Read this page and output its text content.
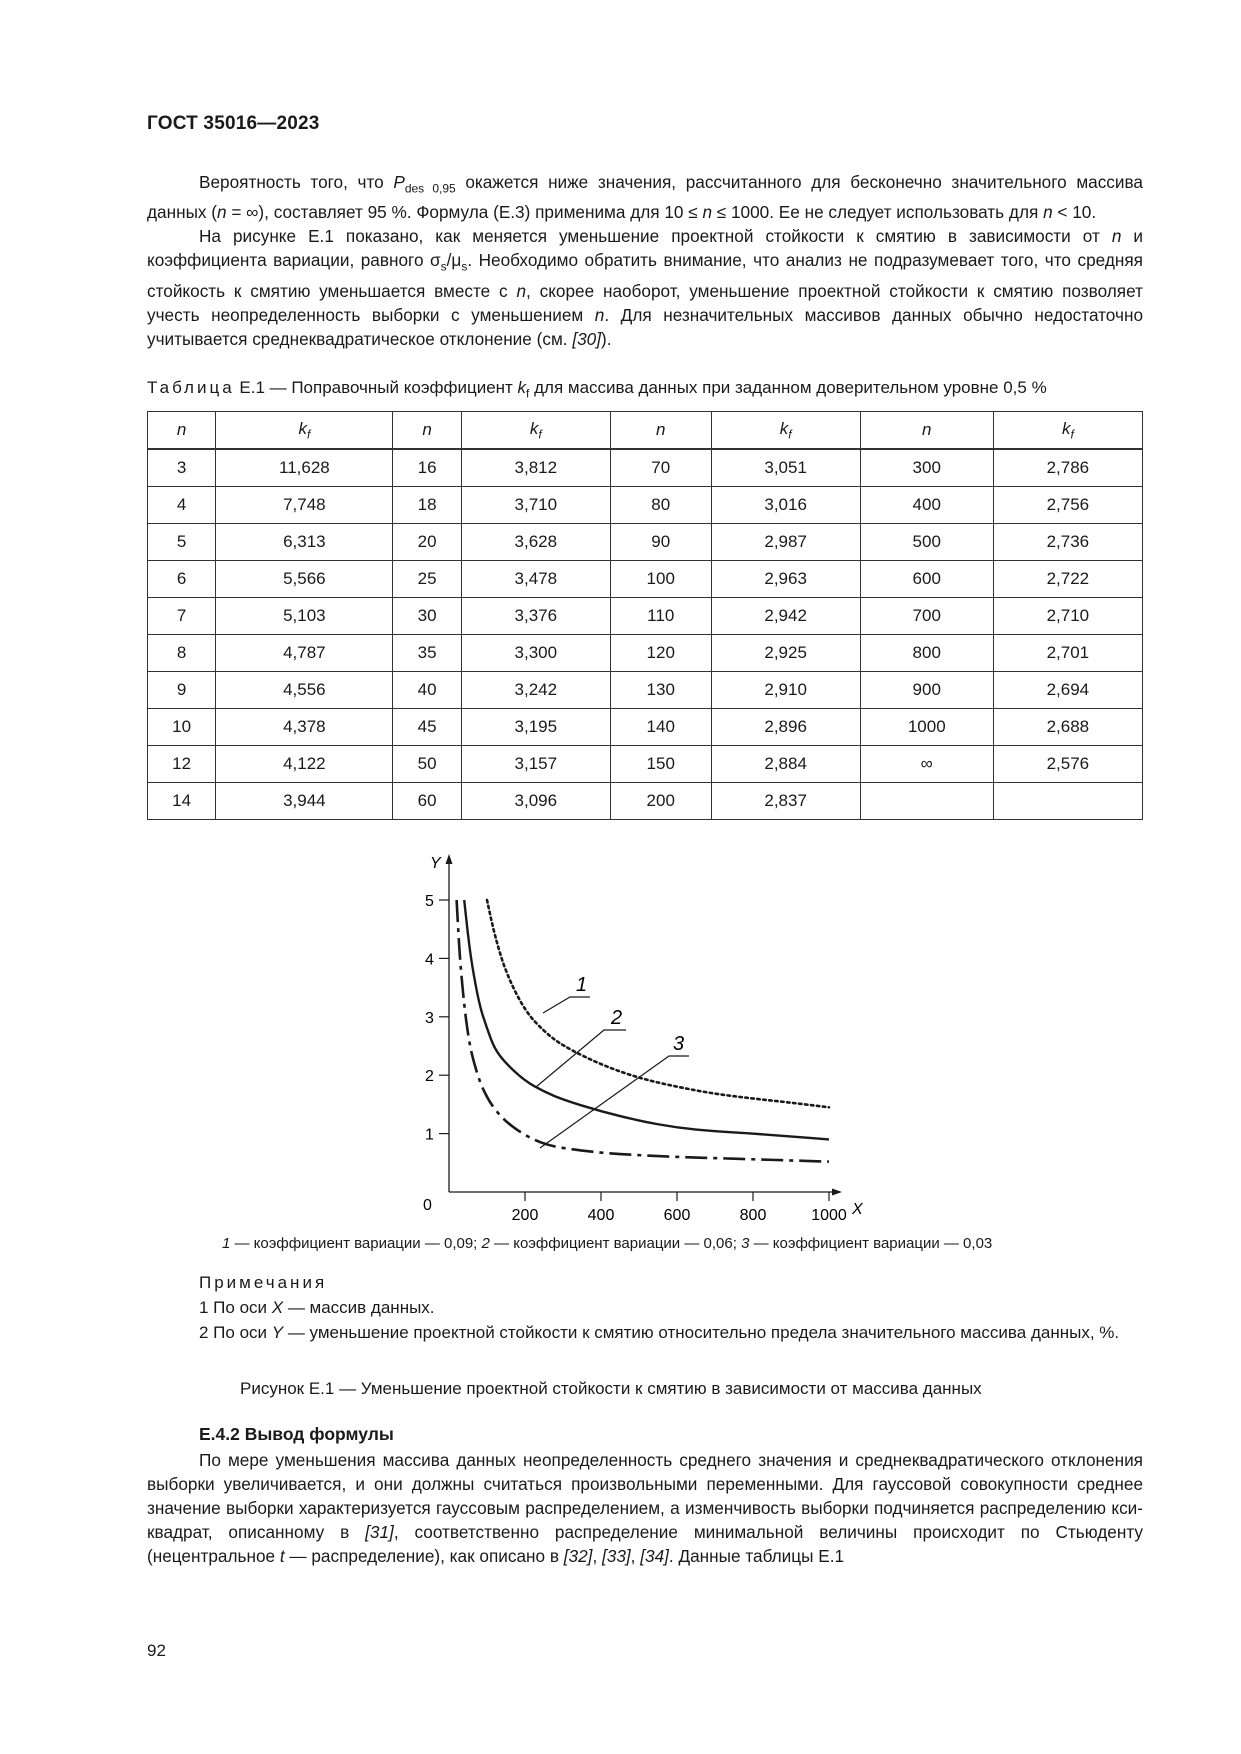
ГОСТ 35016—2023

Вероятность того, что $P_{des 0,95}$ окажется ниже значения, рассчитанного для бесконечно значительного массива данных (n = ∞), составляет 95 %. Формула (Е.3) применима для 10 ≤ n ≤ 1000. Ее не следует использовать для n < 10.

На рисунке Е.1 показано, как меняется уменьшение проектной стойкости к смятию в зависимости от n и коэффициента вариации, равного $\sigma_s/\mu_s$. Необходимо обратить внимание, что анализ не подразумевает того, что средняя стойкость к смятию уменьшается вместе с n, скорее наоборот, уменьшение проектной стойкости к смятию позволяет учесть неопределенность выборки с уменьшением n. Для незначительных массивов данных обычно недостаточно учитывается среднеквадратическое отклонение (см. [30]).

Таблица Е.1 — Поправочный коэффициент $k_f$ для массива данных при заданном доверительном уровне 0,5 %
n	$k_f$	n	$k_f$	n	$k_f$	n	$k_f$
3	11,628	16	3,812	70	3,051	300	2,786
4	7,748	18	3,710	80	3,016	400	2,756
5	6,313	20	3,628	90	2,987	500	2,736
6	5,566	25	3,478	100	2,963	600	2,722
7	5,103	30	3,376	110	2,942	700	2,710
8	4,787	35	3,300	120	2,925	800	2,701
9	4,556	40	3,242	130	2,910	900	2,694
10	4,378	45	3,195	140	2,896	1000	2,688
12	4,122	50	3,157	150	2,884	∞	2,576
14	3,944	60	3,096	200	2,837		
Y
X
5
4
3
2
1
0
200	400	600	800	1000
1
2
3
1 — коэффициент вариации — 0,09; 2 — коэффициент вариации — 0,06; 3 — коэффициент вариации — 0,03

Примечания

1 По оси X — массив данных.

2 По оси Y — уменьшение проектной стойкости к смятию относительно предела значительного массива данных, %.

Рисунок Е.1 — Уменьшение проектной стойкости к смятию в зависимости от массива данных
Е.4.2 Вывод формулы

По мере уменьшения массива данных неопределенность среднего значения и среднеквадратического отклонения выборки увеличивается, и они должны считаться произвольными переменными. Для гауссовой совокупности среднее значение выборки характеризуется гауссовым распределением, а изменчивость выборки подчиняется распределению кси-квадрат, описанному в [31], соответственно распределение минимальной величины происходит по Стьюденту (нецентральное t — распределение), как описано в [32], [33], [34]. Данные таблицы Е.1

92
